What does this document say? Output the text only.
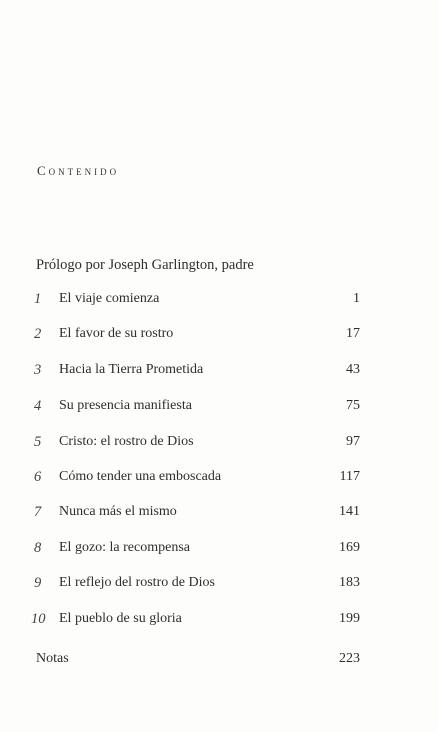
Contenido
Prólogo por Joseph Garlington, padre
1 El viaje comienza	1
2 El favor de su rostro	17
3 Hacia la Tierra Prometida	43
4 Su presencia manifiesta	75
5 Cristo: el rostro de Dios	97
6 Cómo tender una emboscada	117
7 Nunca más el mismo	141
8 El gozo: la recompensa	169
9 El reflejo del rostro de Dios	183
10 El pueblo de su gloria	199
Notas	223
